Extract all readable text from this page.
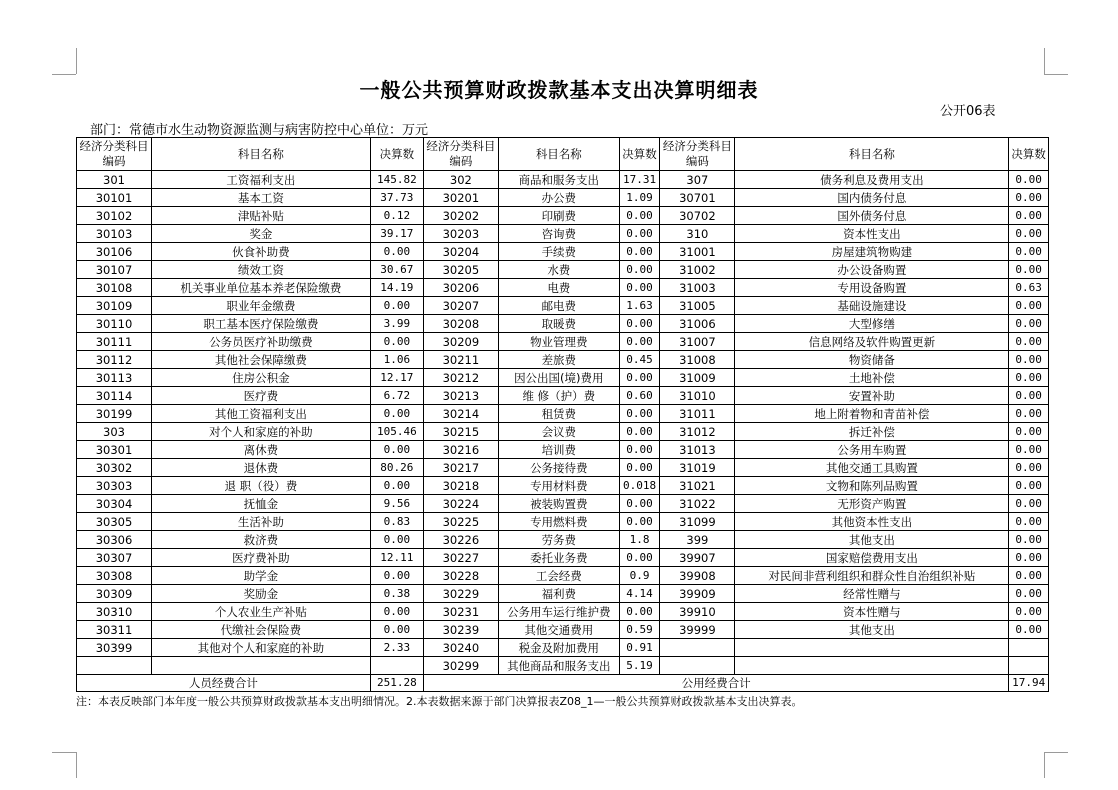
一般公共预算财政拨款基本支出决算明细表
公开06表
部门：常德市水生动物资源监测与病害防控中心单位：万元
经济分类科目编码	科目名称	决算数	经济分类科目编码	科目名称	决算数	经济分类科目编码	科目名称	决算数
301	工资福利支出	145.82	302	商品和服务支出	17.31	307	债务利息及费用支出	0.00
30101	基本工资	37.73	30201	办公费	1.09	30701	国内债务付息	0.00
30102	津贴补贴	0.12	30202	印刷费	0.00	30702	国外债务付息	0.00
30103	奖金	39.17	30203	咨询费	0.00	310	资本性支出	0.00
30106	伙食补助费	0.00	30204	手续费	0.00	31001	房屋建筑物购建	0.00
30107	绩效工资	30.67	30205	水费	0.00	31002	办公设备购置	0.00
30108	机关事业单位基本养老保险缴费	14.19	30206	电费	0.00	31003	专用设备购置	0.63
30109	职业年金缴费	0.00	30207	邮电费	1.63	31005	基础设施建设	0.00
30110	职工基本医疗保险缴费	3.99	30208	取暖费	0.00	31006	大型修缮	0.00
30111	公务员医疗补助缴费	0.00	30209	物业管理费	0.00	31007	信息网络及软件购置更新	0.00
30112	其他社会保障缴费	1.06	30211	差旅费	0.45	31008	物资储备	0.00
30113	住房公积金	12.17	30212	因公出国(境)费用	0.00	31009	土地补偿	0.00
30114	医疗费	6.72	30213	维 修（护）费	0.60	31010	安置补助	0.00
30199	其他工资福利支出	0.00	30214	租赁费	0.00	31011	地上附着物和青苗补偿	0.00
303	对个人和家庭的补助	105.46	30215	会议费	0.00	31012	拆迁补偿	0.00
30301	离休费	0.00	30216	培训费	0.00	31013	公务用车购置	0.00
30302	退休费	80.26	30217	公务接待费	0.00	31019	其他交通工具购置	0.00
30303	退 职（役）费	0.00	30218	专用材料费	0.018	31021	文物和陈列品购置	0.00
30304	抚恤金	9.56	30224	被装购置费	0.00	31022	无形资产购置	0.00
30305	生活补助	0.83	30225	专用燃料费	0.00	31099	其他资本性支出	0.00
30306	救济费	0.00	30226	劳务费	1.8	399	其他支出	0.00
30307	医疗费补助	12.11	30227	委托业务费	0.00	39907	国家赔偿费用支出	0.00
30308	助学金	0.00	30228	工会经费	0.9	39908	对民间非营利组织和群众性自治组织补贴	0.00
30309	奖励金	0.38	30229	福利费	4.14	39909	经常性赠与	0.00
30310	个人农业生产补贴	0.00	30231	公务用车运行维护费	0.00	39910	资本性赠与	0.00
30311	代缴社会保险费	0.00	30239	其他交通费用	0.59	39999	其他支出	0.00
30399	其他对个人和家庭的补助	2.33	30240	税金及附加费用	0.91			
			30299	其他商品和服务支出	5.19			
人员经费合计		251.28	公用经费合计					17.94
注：本表反映部门本年度一般公共预算财政拨款基本支出明细情况。2.本表数据来源于部门决算报表Z08_1—一般公共预算财政拨款基本支出决算表。
